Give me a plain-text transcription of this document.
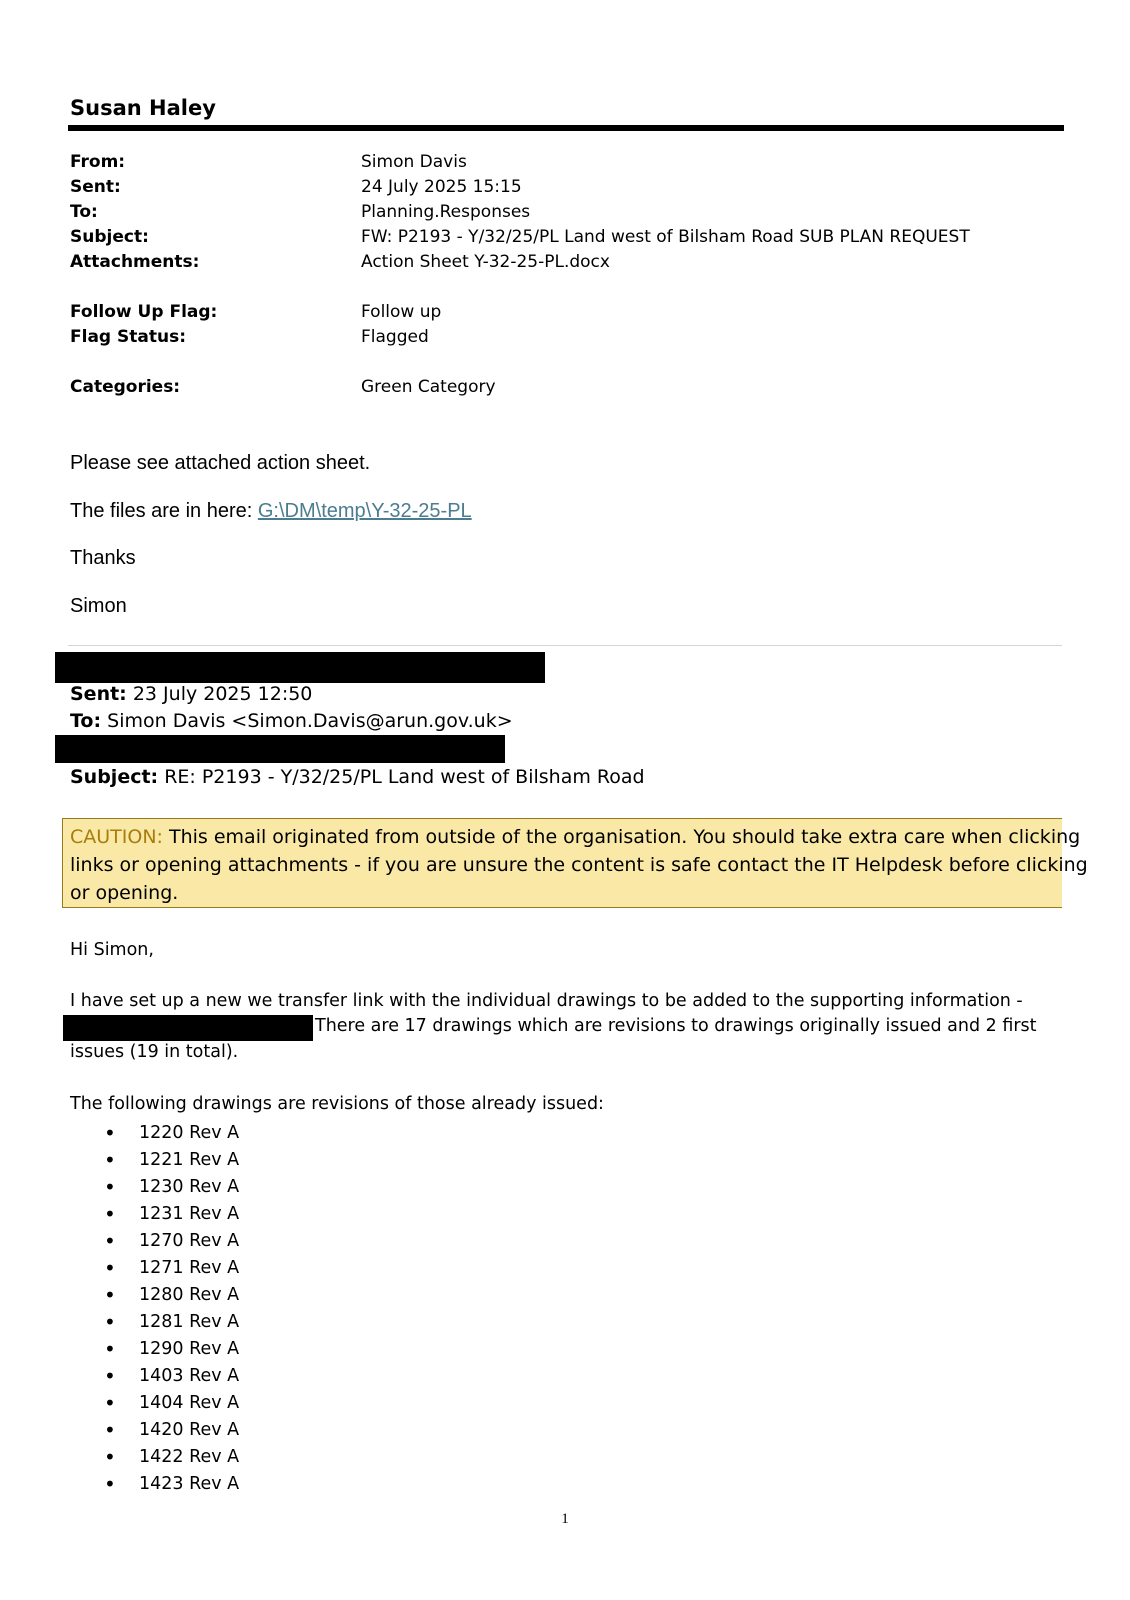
Susan Haley
From:	Simon Davis
Sent:	24 July 2025 15:15
To:	Planning.Responses
Subject:	FW: P2193 - Y/32/25/PL Land west of Bilsham Road SUB PLAN REQUEST
Attachments:	Action Sheet Y-32-25-PL.docx
Follow Up Flag:	Follow up
Flag Status:	Flagged
Categories:	Green Category
Please see attached action sheet.
The files are in here: G:\DM\temp\Y-32-25-PL
Thanks
Simon
Sent: 23 July 2025 12:50
To: Simon Davis <Simon.Davis@arun.gov.uk>
Subject: RE: P2193 - Y/32/25/PL Land west of Bilsham Road
CAUTION: This email originated from outside of the organisation. You should take extra care when clicking
links or opening attachments - if you are unsure the content is safe contact the IT Helpdesk before clicking
or opening.
Hi Simon,
I have set up a new we transfer link with the individual drawings to be added to the supporting information -
There are 17 drawings which are revisions to drawings originally issued and 2 first
issues (19 in total).
The following drawings are revisions of those already issued:
• 1220 Rev A
• 1221 Rev A
• 1230 Rev A
• 1231 Rev A
• 1270 Rev A
• 1271 Rev A
• 1280 Rev A
• 1281 Rev A
• 1290 Rev A
• 1403 Rev A
• 1404 Rev A
• 1420 Rev A
• 1422 Rev A
• 1423 Rev A
1
